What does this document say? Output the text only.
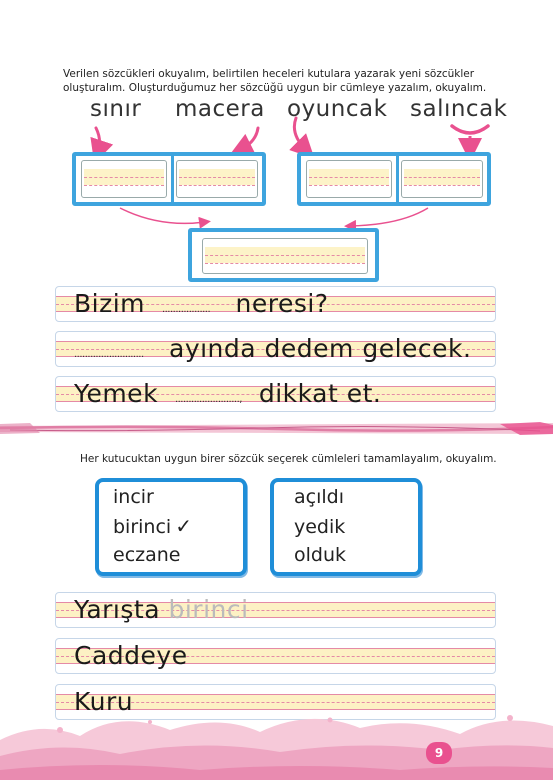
Verilen sözcükleri okuyalım, belirtilen heceleri kutulara yazarak yeni sözcükler oluşturalım. Oluşturduğumuz her sözcüğü uygun bir cümleye yazalım, okuyalım.

sınır macera oyuncak salıncak
Bizim .................. neresi?
.......................... ayında dedem gelecek.
Yemek ........................, dikkat et.

Her kutucuktan uygun birer sözcük seçerek cümleleri tamamlayalım, okuyalım.

incir
birinci ✓
eczane
açıldı
yedik
olduk
Yarışta birinci
Caddeye
Kuru
9
